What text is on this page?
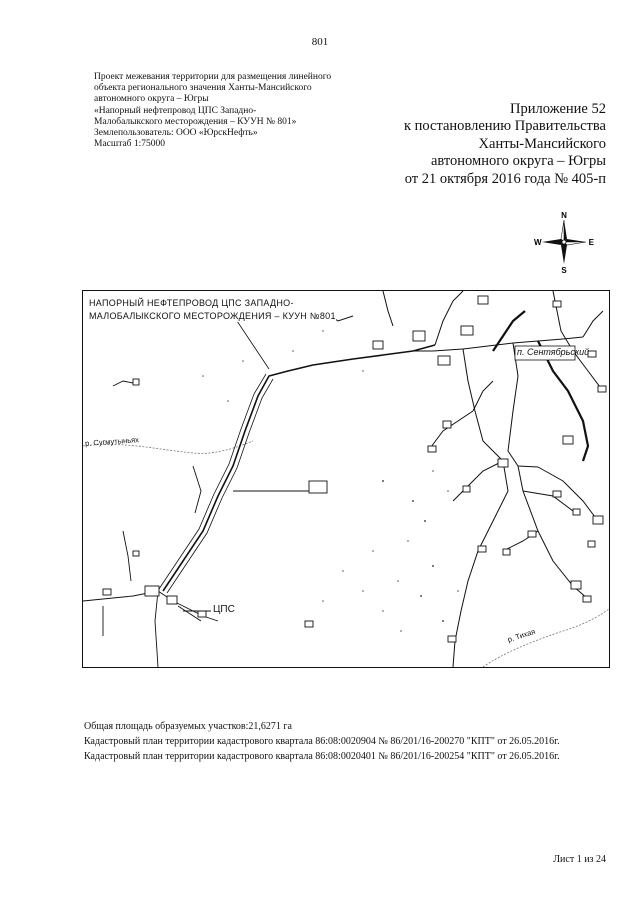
801
Проект межевания территории для размещения линейного
объекта регионального значения Ханты-Мансийского
автономного округа – Югры
«Напорный нефтепровод ЦПС Западно-
Малобалыкского месторождения – КУУН № 801»
Землепользователь: ООО «ЮрскНефть»
Масштаб 1:75000
Приложение 52
к постановлению Правительства
Ханты-Мансийского
автономного округа – Югры
от 21 октября 2016 года № 405-п
N
S
W	E
НАПОРНЫЙ НЕФТЕПРОВОД ЦПС ЗАПАДНО-
МАЛОБАЛЫКСКОГО МЕСТОРОЖДЕНИЯ – КУУН №801
р. Сугмутыньях
п. Сентябрьский
ЦПС
р. Тихая
Общая площадь образуемых участков:21,6271 га
Кадастровый план территории кадастрового квартала 86:08:0020904 № 86/201/16-200270 "КПТ" от 26.05.2016г.
Кадастровый план территории кадастрового квартала 86:08:0020401 № 86/201/16-200254 "КПТ" от 26.05.2016г.
Лист 1 из 24
